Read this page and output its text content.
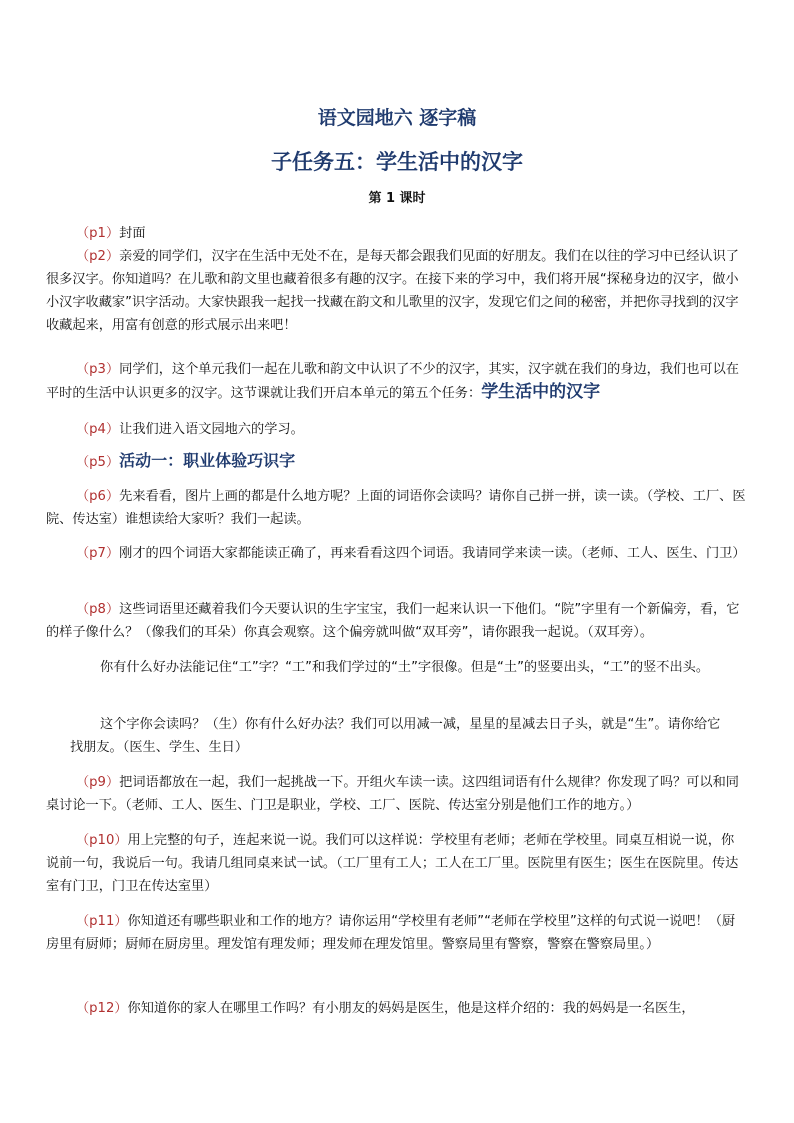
语文园地六 逐字稿
子任务五：学生活中的汉字
第 1 课时
（p1）封面
（p2）亲爱的同学们，汉字在生活中无处不在，是每天都会跟我们见面的好朋友。我们在以往的学习中已经认识了很多汉字。你知道吗？在儿歌和韵文里也藏着很多有趣的汉字。在接下来的学习中，我们将开展“探秘身边的汉字，做小小汉字收藏家”识字活动。大家快跟我一起找一找藏在韵文和儿歌里的汉字，发现它们之间的秘密，并把你寻找到的汉字收藏起来，用富有创意的形式展示出来吧！
（p3）同学们，这个单元我们一起在儿歌和韵文中认识了不少的汉字，其实，汉字就在我们的身边，我们也可以在平时的生活中认识更多的汉字。这节课就让我们开启本单元的第五个任务：学生活中的汉字
（p4）让我们进入语文园地六的学习。
（p5）活动一：职业体验巧识字
（p6）先来看看，图片上画的都是什么地方呢？上面的词语你会读吗？请你自己拼一拼，读一读。（学校、工厂、医院、传达室）谁想读给大家听？我们一起读。
（p7）刚才的四个词语大家都能读正确了，再来看看这四个词语。我请同学来读一读。（老师、工人、医生、门卫）
（p8）这些词语里还藏着我们今天要认识的生字宝宝，我们一起来认识一下他们。“院”字里有一个新偏旁，看，它的样子像什么？（像我们的耳朵）你真会观察。这个偏旁就叫做“双耳旁”，请你跟我一起说。（双耳旁）。
你有什么好办法能记住“工”字？“工”和我们学过的“土”字很像。但是“土”的竖要出头，“工”的竖不出头。
这个字你会读吗？（生）你有什么好办法？我们可以用减一减，星星的星减去日子头，就是“生”。请你给它找朋友。（医生、学生、生日）
（p9）把词语都放在一起，我们一起挑战一下。开组火车读一读。这四组词语有什么规律？你发现了吗？可以和同桌讨论一下。（老师、工人、医生、门卫是职业，学校、工厂、医院、传达室分别是他们工作的地方。）
（p10）用上完整的句子，连起来说一说。我们可以这样说：学校里有老师；老师在学校里。同桌互相说一说，你说前一句，我说后一句。我请几组同桌来试一试。（工厂里有工人；工人在工厂里。医院里有医生；医生在医院里。传达室有门卫，门卫在传达室里）
（p11）你知道还有哪些职业和工作的地方？请你运用“学校里有老师”“老师在学校里”这样的句式说一说吧！（厨房里有厨师；厨师在厨房里。理发馆有理发师；理发师在理发馆里。警察局里有警察，警察在警察局里。）
（p12）你知道你的家人在哪里工作吗？有小朋友的妈妈是医生，他是这样介绍的：我的妈妈是一名医生，
